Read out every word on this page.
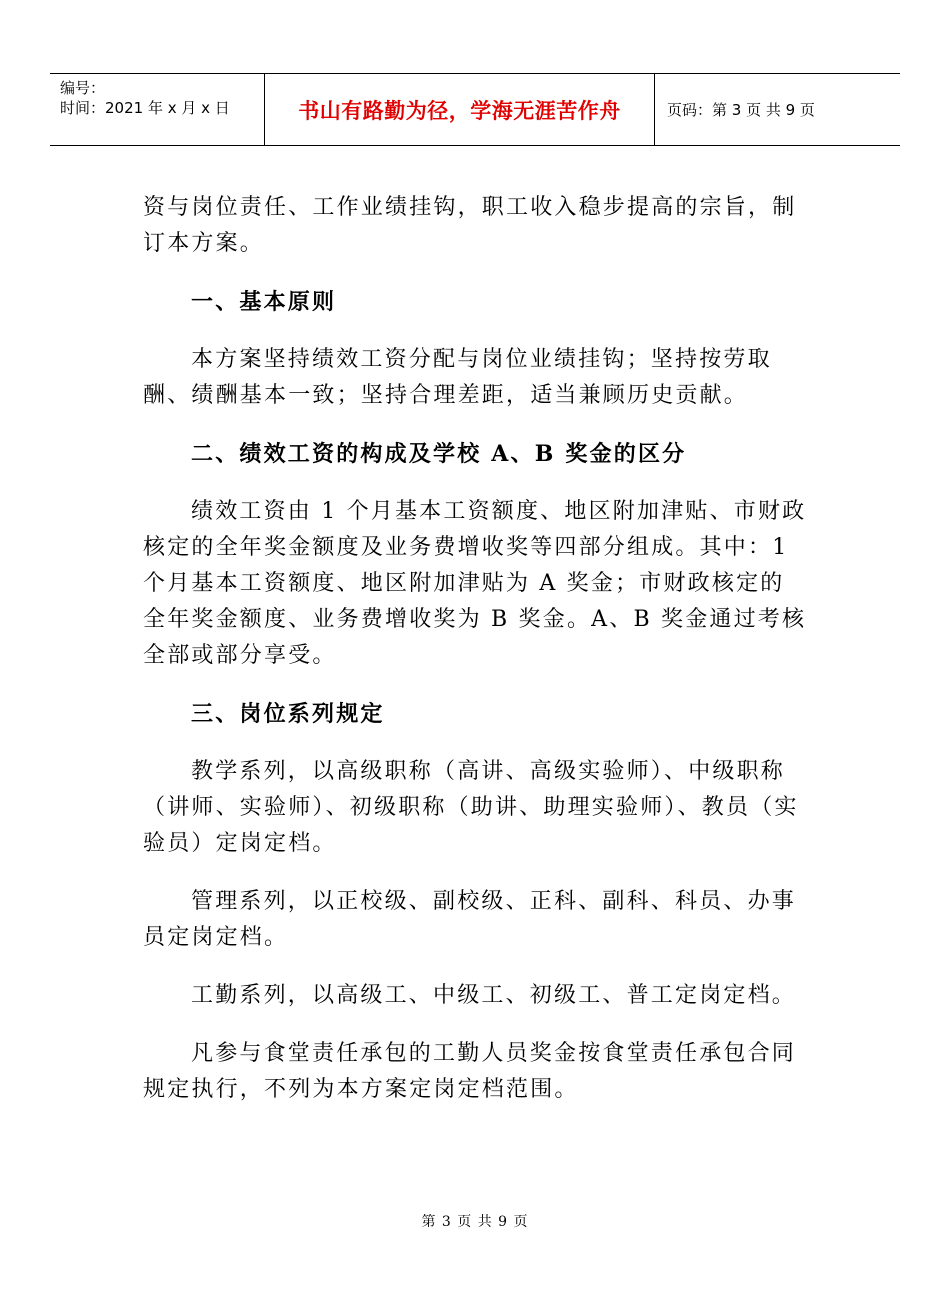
编号：
时间：2021 年 x 月 x 日	书山有路勤为径，学海无涯苦作舟	页码：第 3 页 共 9 页

资与岗位责任、工作业绩挂钩，职工收入稳步提高的宗旨，制订本方案。

一、基本原则

本方案坚持绩效工资分配与岗位业绩挂钩；坚持按劳取酬、绩酬基本一致；坚持合理差距，适当兼顾历史贡献。

二、绩效工资的构成及学校 A、B 奖金的区分

绩效工资由 1 个月基本工资额度、地区附加津贴、市财政核定的全年奖金额度及业务费增收奖等四部分组成。其中：1 个月基本工资额度、地区附加津贴为 A 奖金；市财政核定的全年奖金额度、业务费增收奖为 B 奖金。A、B 奖金通过考核全部或部分享受。

三、岗位系列规定

教学系列，以高级职称（高讲、高级实验师）、中级职称（讲师、实验师）、初级职称（助讲、助理实验师）、教员（实验员）定岗定档。

管理系列，以正校级、副校级、正科、副科、科员、办事员定岗定档。

工勤系列，以高级工、中级工、初级工、普工定岗定档。

凡参与食堂责任承包的工勤人员奖金按食堂责任承包合同规定执行，不列为本方案定岗定档范围。

第 3 页 共 9 页
